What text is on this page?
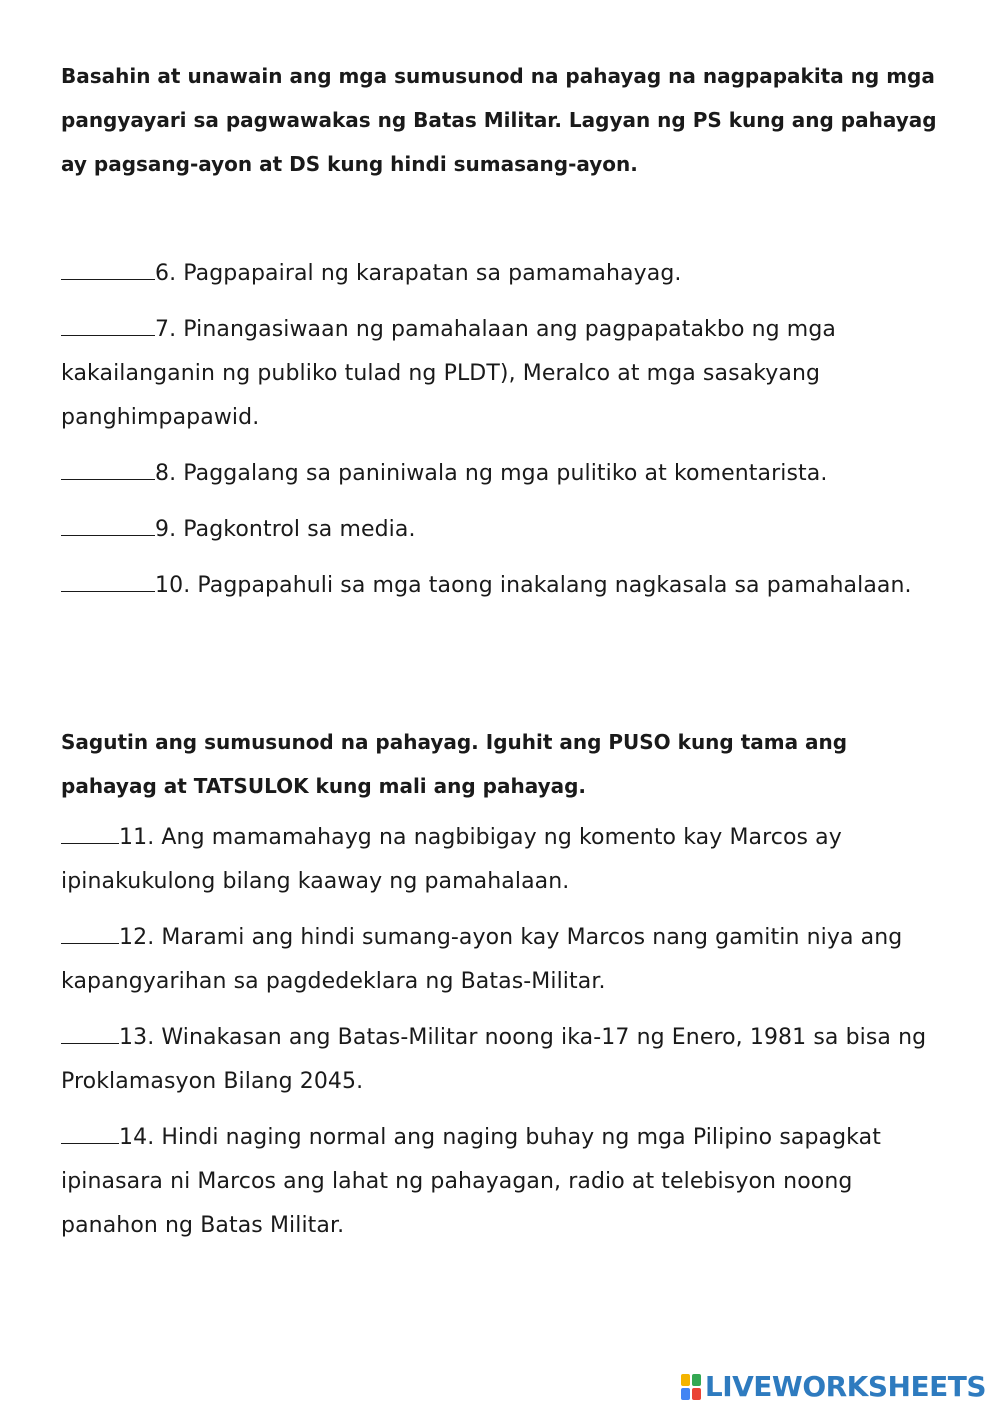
Basahin at unawain ang mga sumusunod na pahayag na nagpapakita ng mga pangyayari sa pagwawakas ng Batas Militar. Lagyan ng PS kung ang pahayag ay pagsang-ayon at DS kung hindi sumasang-ayon.

6. Pagpapairal ng karapatan sa pamamahayag.

7. Pinangasiwaan ng pamahalaan ang pagpapatakbo ng mga kakailanganin ng publiko tulad ng PLDT), Meralco at mga sasakyang panghimpapawid.

8. Paggalang sa paniniwala ng mga pulitiko at komentarista.

9. Pagkontrol sa media.

10. Pagpapahuli sa mga taong inakalang nagkasala sa pamahalaan.

Sagutin ang sumusunod na pahayag. Iguhit ang PUSO kung tama ang pahayag at TATSULOK kung mali ang pahayag.

11. Ang mamamahayg na nagbibigay ng komento kay Marcos ay ipinakukulong bilang kaaway ng pamahalaan.

12. Marami ang hindi sumang-ayon kay Marcos nang gamitin niya ang kapangyarihan sa pagdedeklara ng Batas-Militar.

13. Winakasan ang Batas-Militar noong ika-17 ng Enero, 1981 sa bisa ng Proklamasyon Bilang 2045.

14. Hindi naging normal ang naging buhay ng mga Pilipino sapagkat ipinasara ni Marcos ang lahat ng pahayagan, radio at telebisyon noong panahon ng Batas Militar.

LIVEWORKSHEETS
